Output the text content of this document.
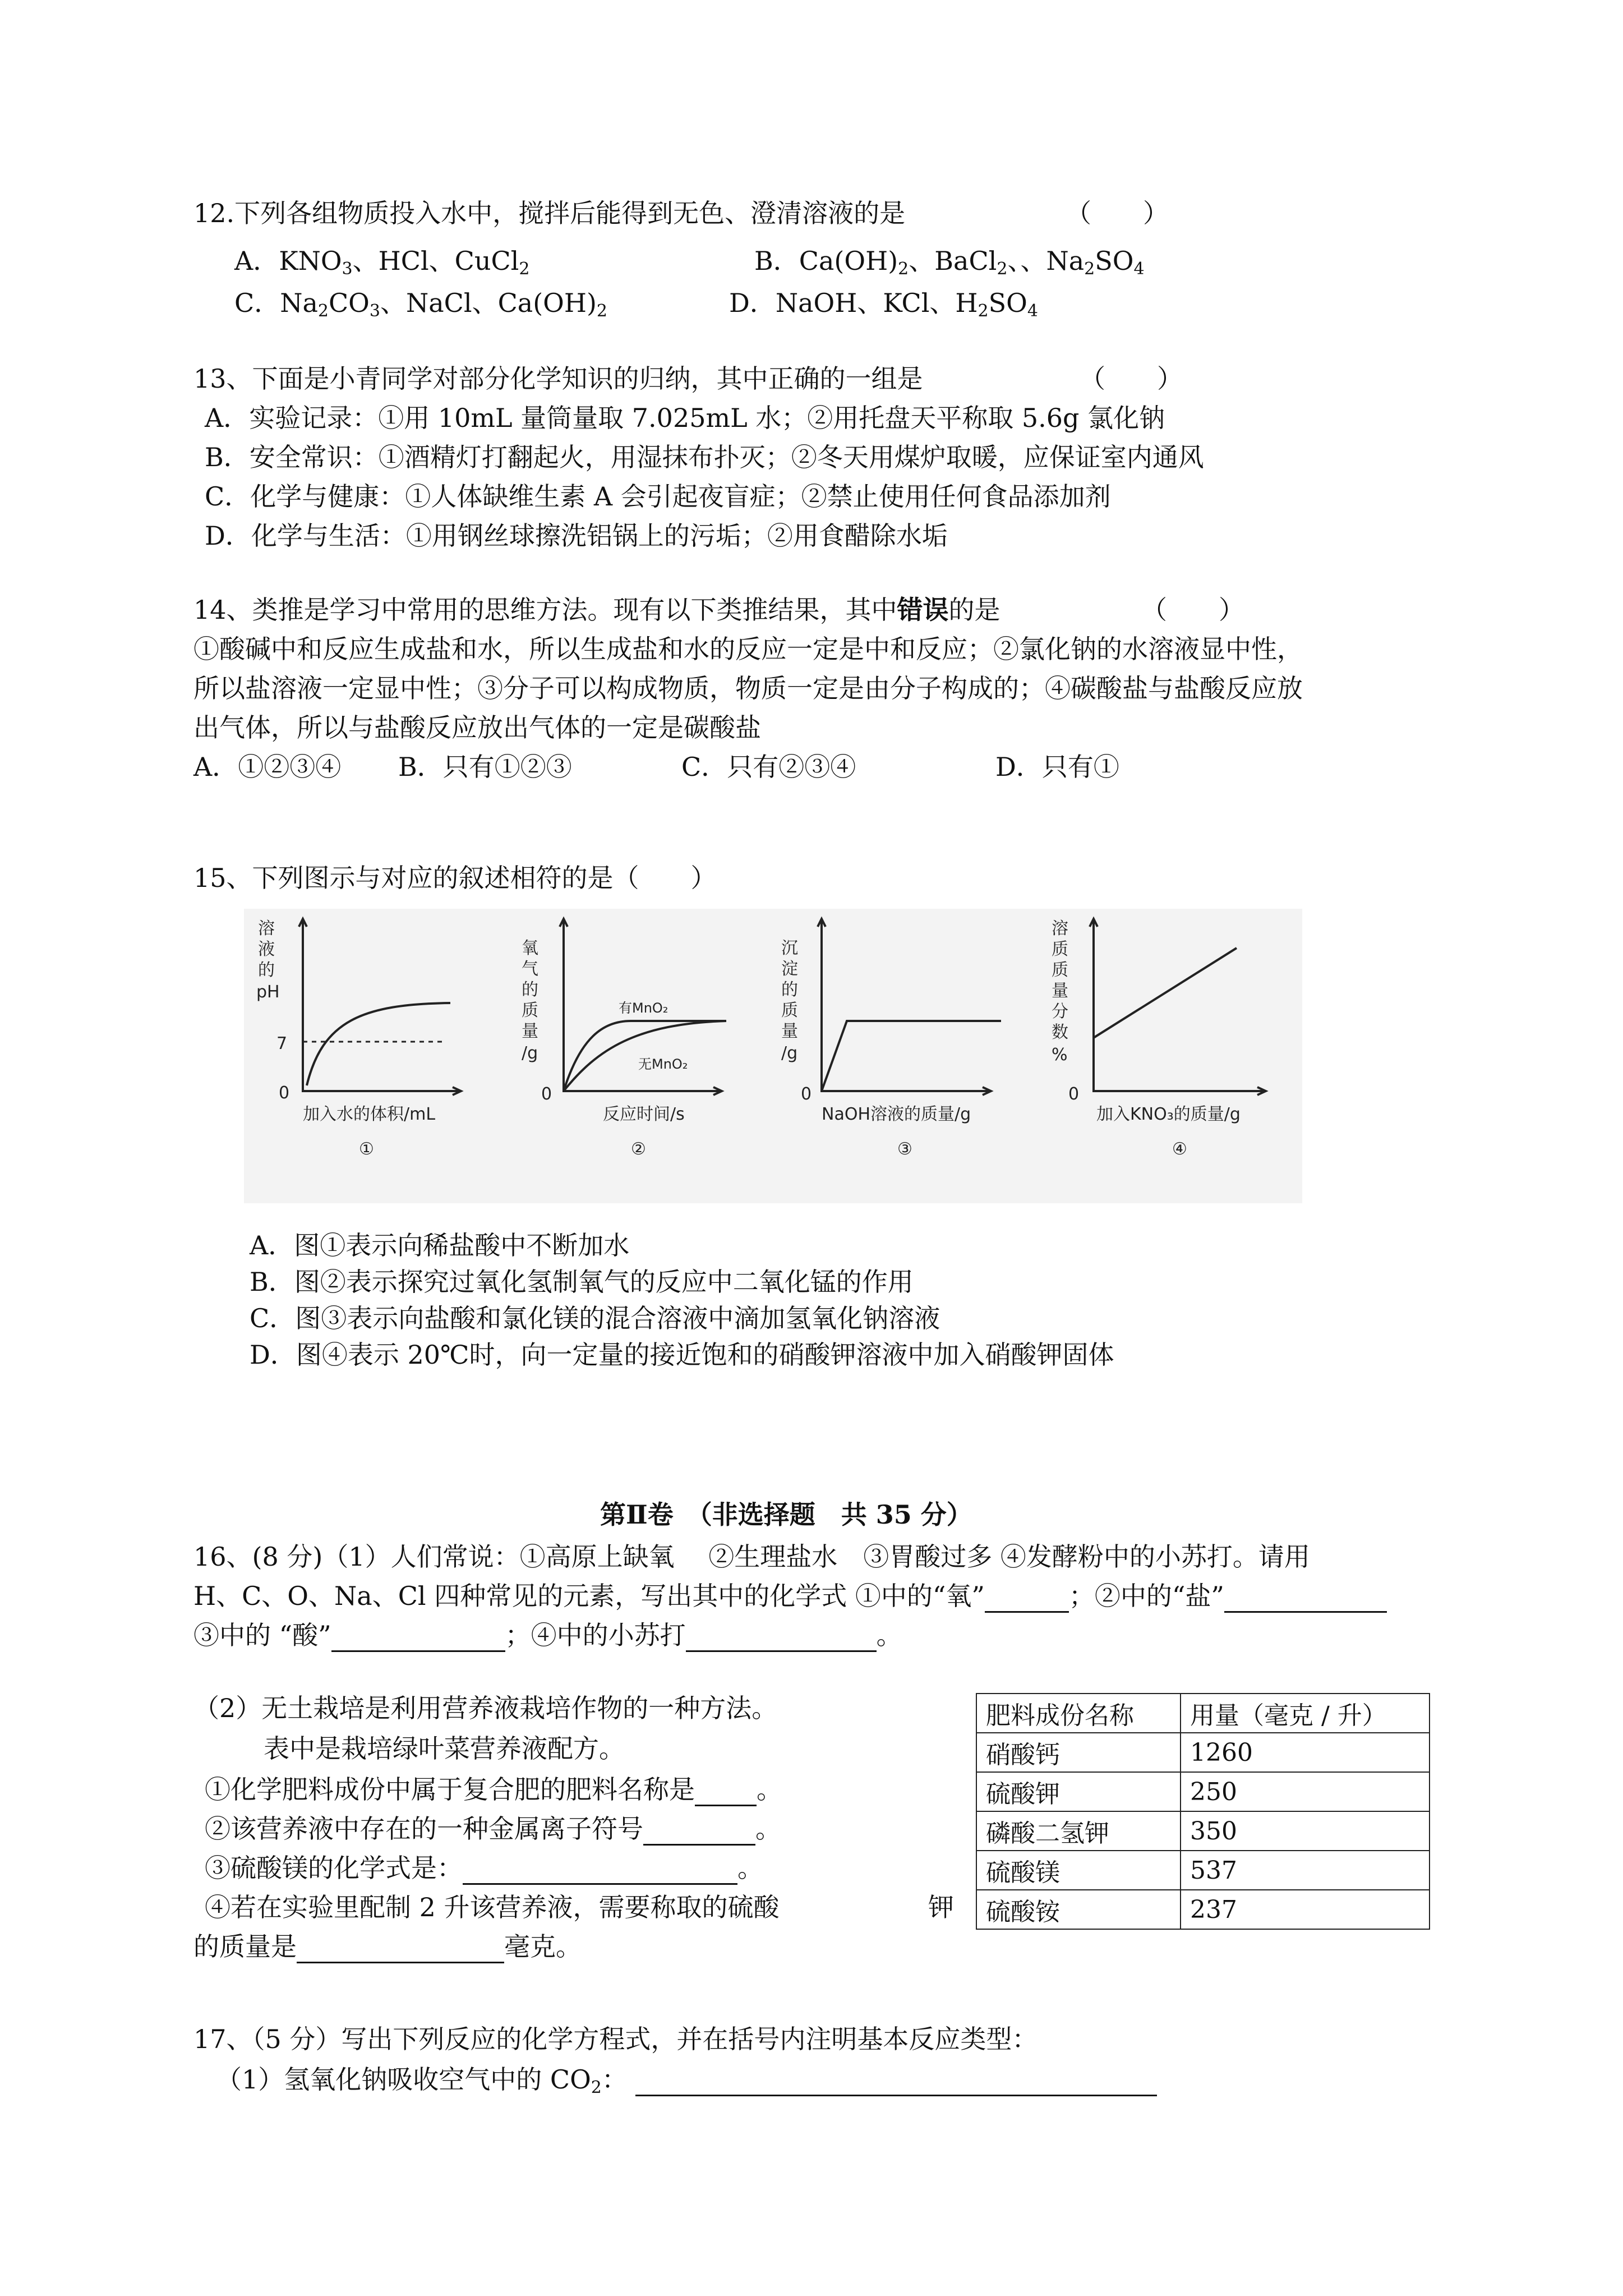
12.下列各组物质投入水中，搅拌后能得到无色、澄清溶液的是	（　　）
A．$KNO_3$、HCl、CuCl$_2$	B．$Ca(OH)_2$、BaCl$_2$、、$Na_2SO_4$
C．$Na_2CO_3$、NaCl、$Ca(OH)_2$	D．NaOH、KCl、$H_2SO_4$
13、下面是小青同学对部分化学知识的归纳，其中正确的一组是	（　　）
A．实验记录：①用 10mL 量筒量取 7.025mL 水；②用托盘天平称取 5.6g 氯化钠
B．安全常识：①酒精灯打翻起火，用湿抹布扑灭；②冬天用煤炉取暖，应保证室内通风
C．化学与健康：①人体缺维生素 A 会引起夜盲症；②禁止使用任何食品添加剂
D．化学与生活：①用钢丝球擦洗铝锅上的污垢；②用食醋除水垢
14、类推是学习中常用的思维方法。现有以下类推结果，其中错误的是	（　　）
①酸碱中和反应生成盐和水，所以生成盐和水的反应一定是中和反应；②氯化钠的水溶液显中性，
所以盐溶液一定显中性；③分子可以构成物质，物质一定是由分子构成的；④碳酸盐与盐酸反应放
出气体，所以与盐酸反应放出气体的一定是碳酸盐
A．①②③④ B．只有①②③	C．只有②③④	D．只有①
15、下列图示与对应的叙述相符的是（　　）
溶
液
的
pH
7
0
加入水的体积/mL
①
氧
气
的
质
量
/g
0
有MnO₂
无MnO₂
反应时间/s
②
沉
淀
的
质
量
/g
0
NaOH溶液的质量/g
③
溶
质
质
量
分
数
%
0
加入KNO₃的质量/g
④
A．图①表示向稀盐酸中不断加水
B．图②表示探究过氧化氢制氧气的反应中二氧化锰的作用
C．图③表示向盐酸和氯化镁的混合溶液中滴加氢氧化钠溶液
D．图④表示 20℃时，向一定量的接近饱和的硝酸钾溶液中加入硝酸钾固体
第Ⅱ卷　（非选择题　共 35 分）
16、(8 分)（1）人们常说：①高原上缺氧　 ②生理盐水　③胃酸过多 ④发酵粉中的小苏打。请用
H、C、O、Na、Cl 四种常见的元素，写出其中的化学式 ①中的“氧”	；②中的“盐”
③中的 “酸”	；④中的小苏打	。
（2）无土栽培是利用营养液栽培作物的一种方法。
表中是栽培绿叶菜营养液配方。
①化学肥料成份中属于复合肥的肥料名称是 。
②该营养液中存在的一种金属离子符号	。
③硫酸镁的化学式是：	。
④若在实验里配制 2 升该营养液，需要称取的硫酸	钾
的质量是	毫克。
肥料成份名称	用量（毫克 / 升）
硝酸钙	1260
硫酸钾	250
磷酸二氢钾	350
硫酸镁	537
硫酸铵	237
17、（5 分）写出下列反应的化学方程式，并在括号内注明基本反应类型：
（1）氢氧化钠吸收空气中的 $CO_2$：
